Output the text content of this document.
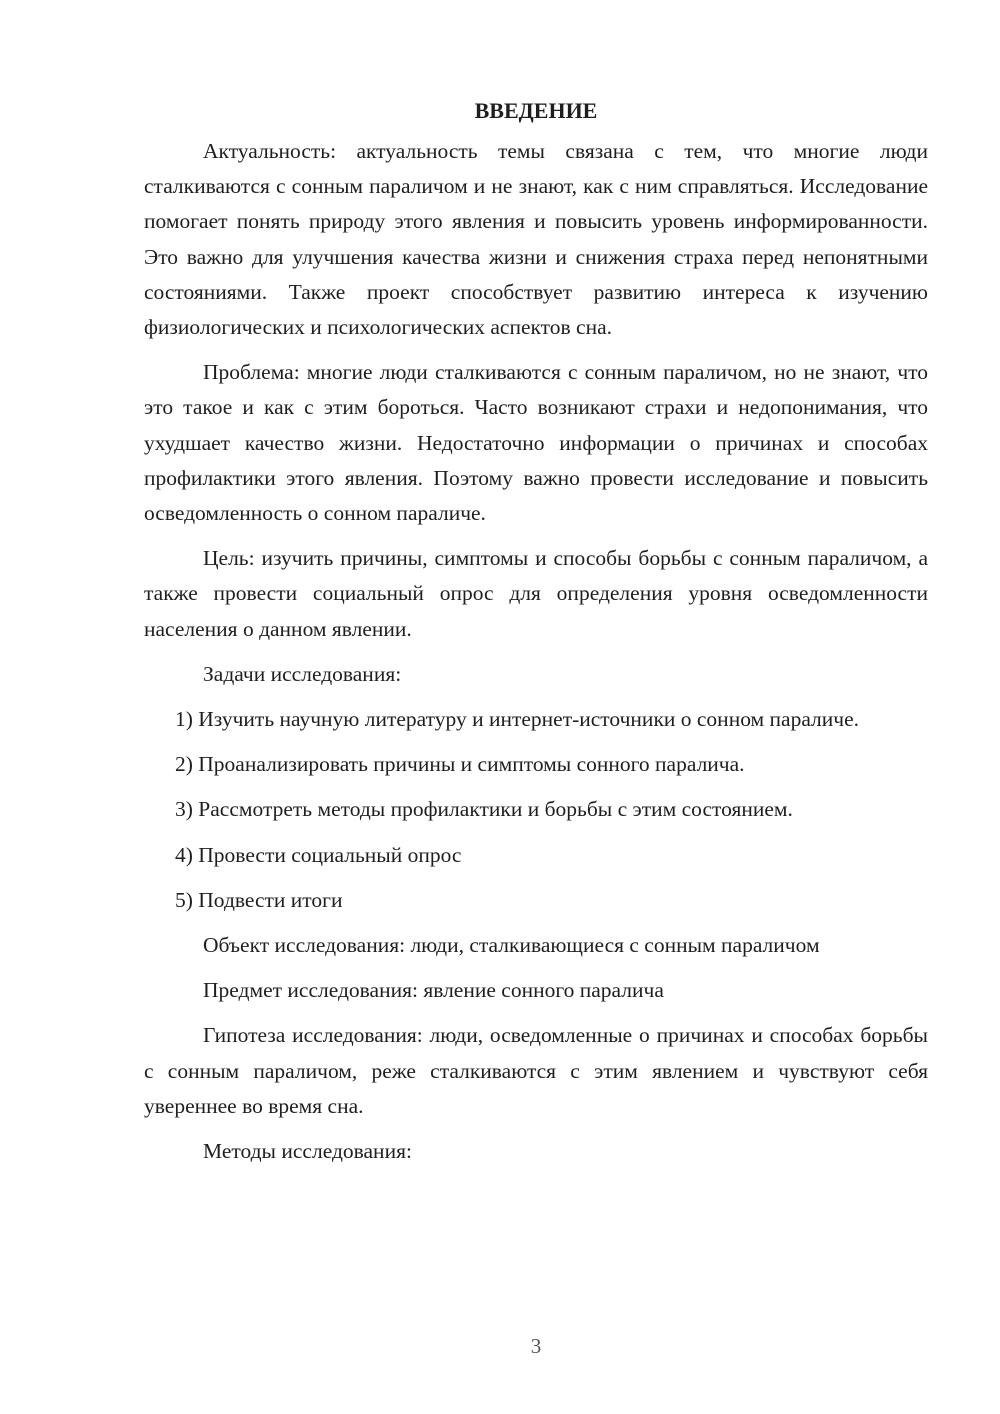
ВВЕДЕНИЕ

Актуальность: актуальность темы связана с тем, что многие люди сталкиваются с сонным параличом и не знают, как с ним справляться. Исследование помогает понять природу этого явления и повысить уровень информированности. Это важно для улучшения качества жизни и снижения страха перед непонятными состояниями. Также проект способствует развитию интереса к изучению физиологических и психологических аспектов сна.

Проблема: многие люди сталкиваются с сонным параличом, но не знают, что это такое и как с этим бороться. Часто возникают страхи и недопонимания, что ухудшает качество жизни. Недостаточно информации о причинах и способах профилактики этого явления. Поэтому важно провести исследование и повысить осведомленность о сонном параличе.

Цель: изучить причины, симптомы и способы борьбы с сонным параличом, а также провести социальный опрос для определения уровня осведомленности населения о данном явлении.

Задачи исследования:

1) Изучить научную литературу и интернет-источники о сонном параличе.

2) Проанализировать причины и симптомы сонного паралича.

3) Рассмотреть методы профилактики и борьбы с этим состоянием.

4) Провести социальный опрос

5) Подвести итоги

Объект исследования: люди, сталкивающиеся с сонным параличом

Предмет исследования: явление сонного паралича

Гипотеза исследования: люди, осведомленные о причинах и способах борьбы с сонным параличом, реже сталкиваются с этим явлением и чувствуют себя увереннее во время сна.

Методы исследования:

3
